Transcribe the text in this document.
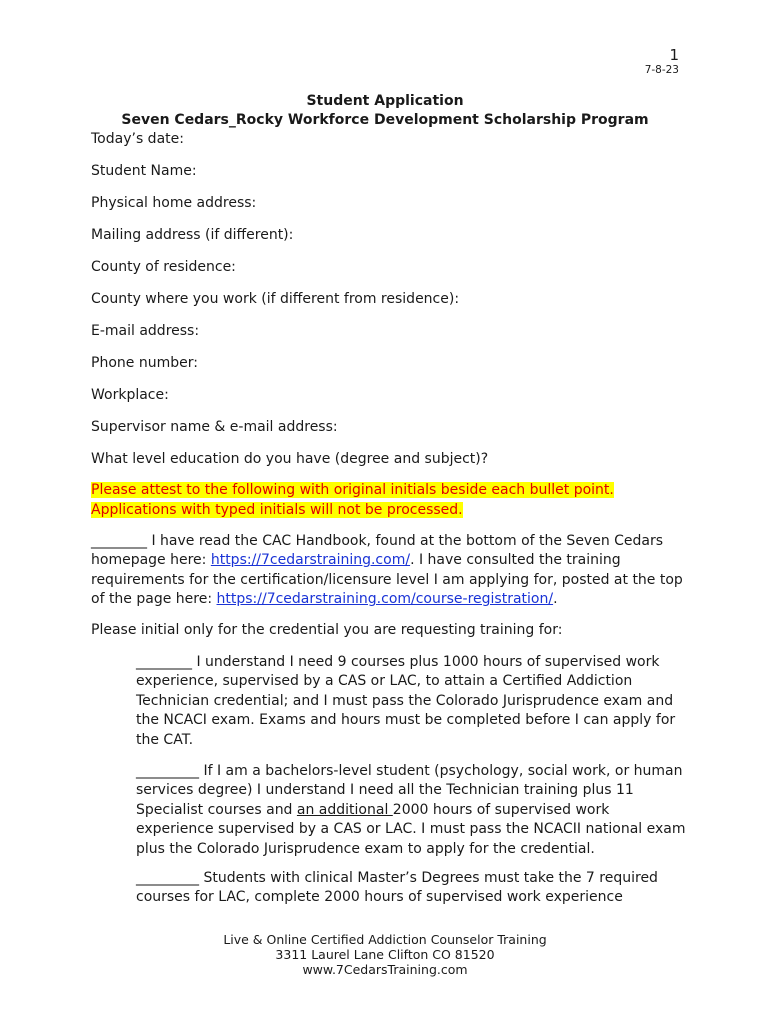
1
7-8-23
Student Application
Seven Cedars_Rocky Workforce Development Scholarship Program
Today’s date:
Student Name:
Physical home address:
Mailing address (if different):
County of residence:
County where you work (if different from residence):
E-mail address:
Phone number:
Workplace:
Supervisor name & e-mail address:
What level education do you have (degree and subject)?
Please attest to the following with original initials beside each bullet point.
Applications with typed initials will not be processed.
________ I have read the CAC Handbook, found at the bottom of the Seven Cedars homepage here: https://7cedarstraining.com/. I have consulted the training requirements for the certification/licensure level I am applying for, posted at the top of the page here: https://7cedarstraining.com/course-registration/.
Please initial only for the credential you are requesting training for:
________ I understand I need 9 courses plus 1000 hours of supervised work experience, supervised by a CAS or LAC, to attain a Certified Addiction Technician credential; and I must pass the Colorado Jurisprudence exam and the NCACI exam. Exams and hours must be completed before I can apply for the CAT.
_________ If I am a bachelors-level student (psychology, social work, or human services degree) I understand I need all the Technician training plus 11 Specialist courses and an additional 2000 hours of supervised work experience supervised by a CAS or LAC. I must pass the NCACII national exam plus the Colorado Jurisprudence exam to apply for the credential.
_________ Students with clinical Master’s Degrees must take the 7 required courses for LAC, complete 2000 hours of supervised work experience
Live & Online Certified Addiction Counselor Training
3311 Laurel Lane Clifton CO 81520
www.7CedarsTraining.com
